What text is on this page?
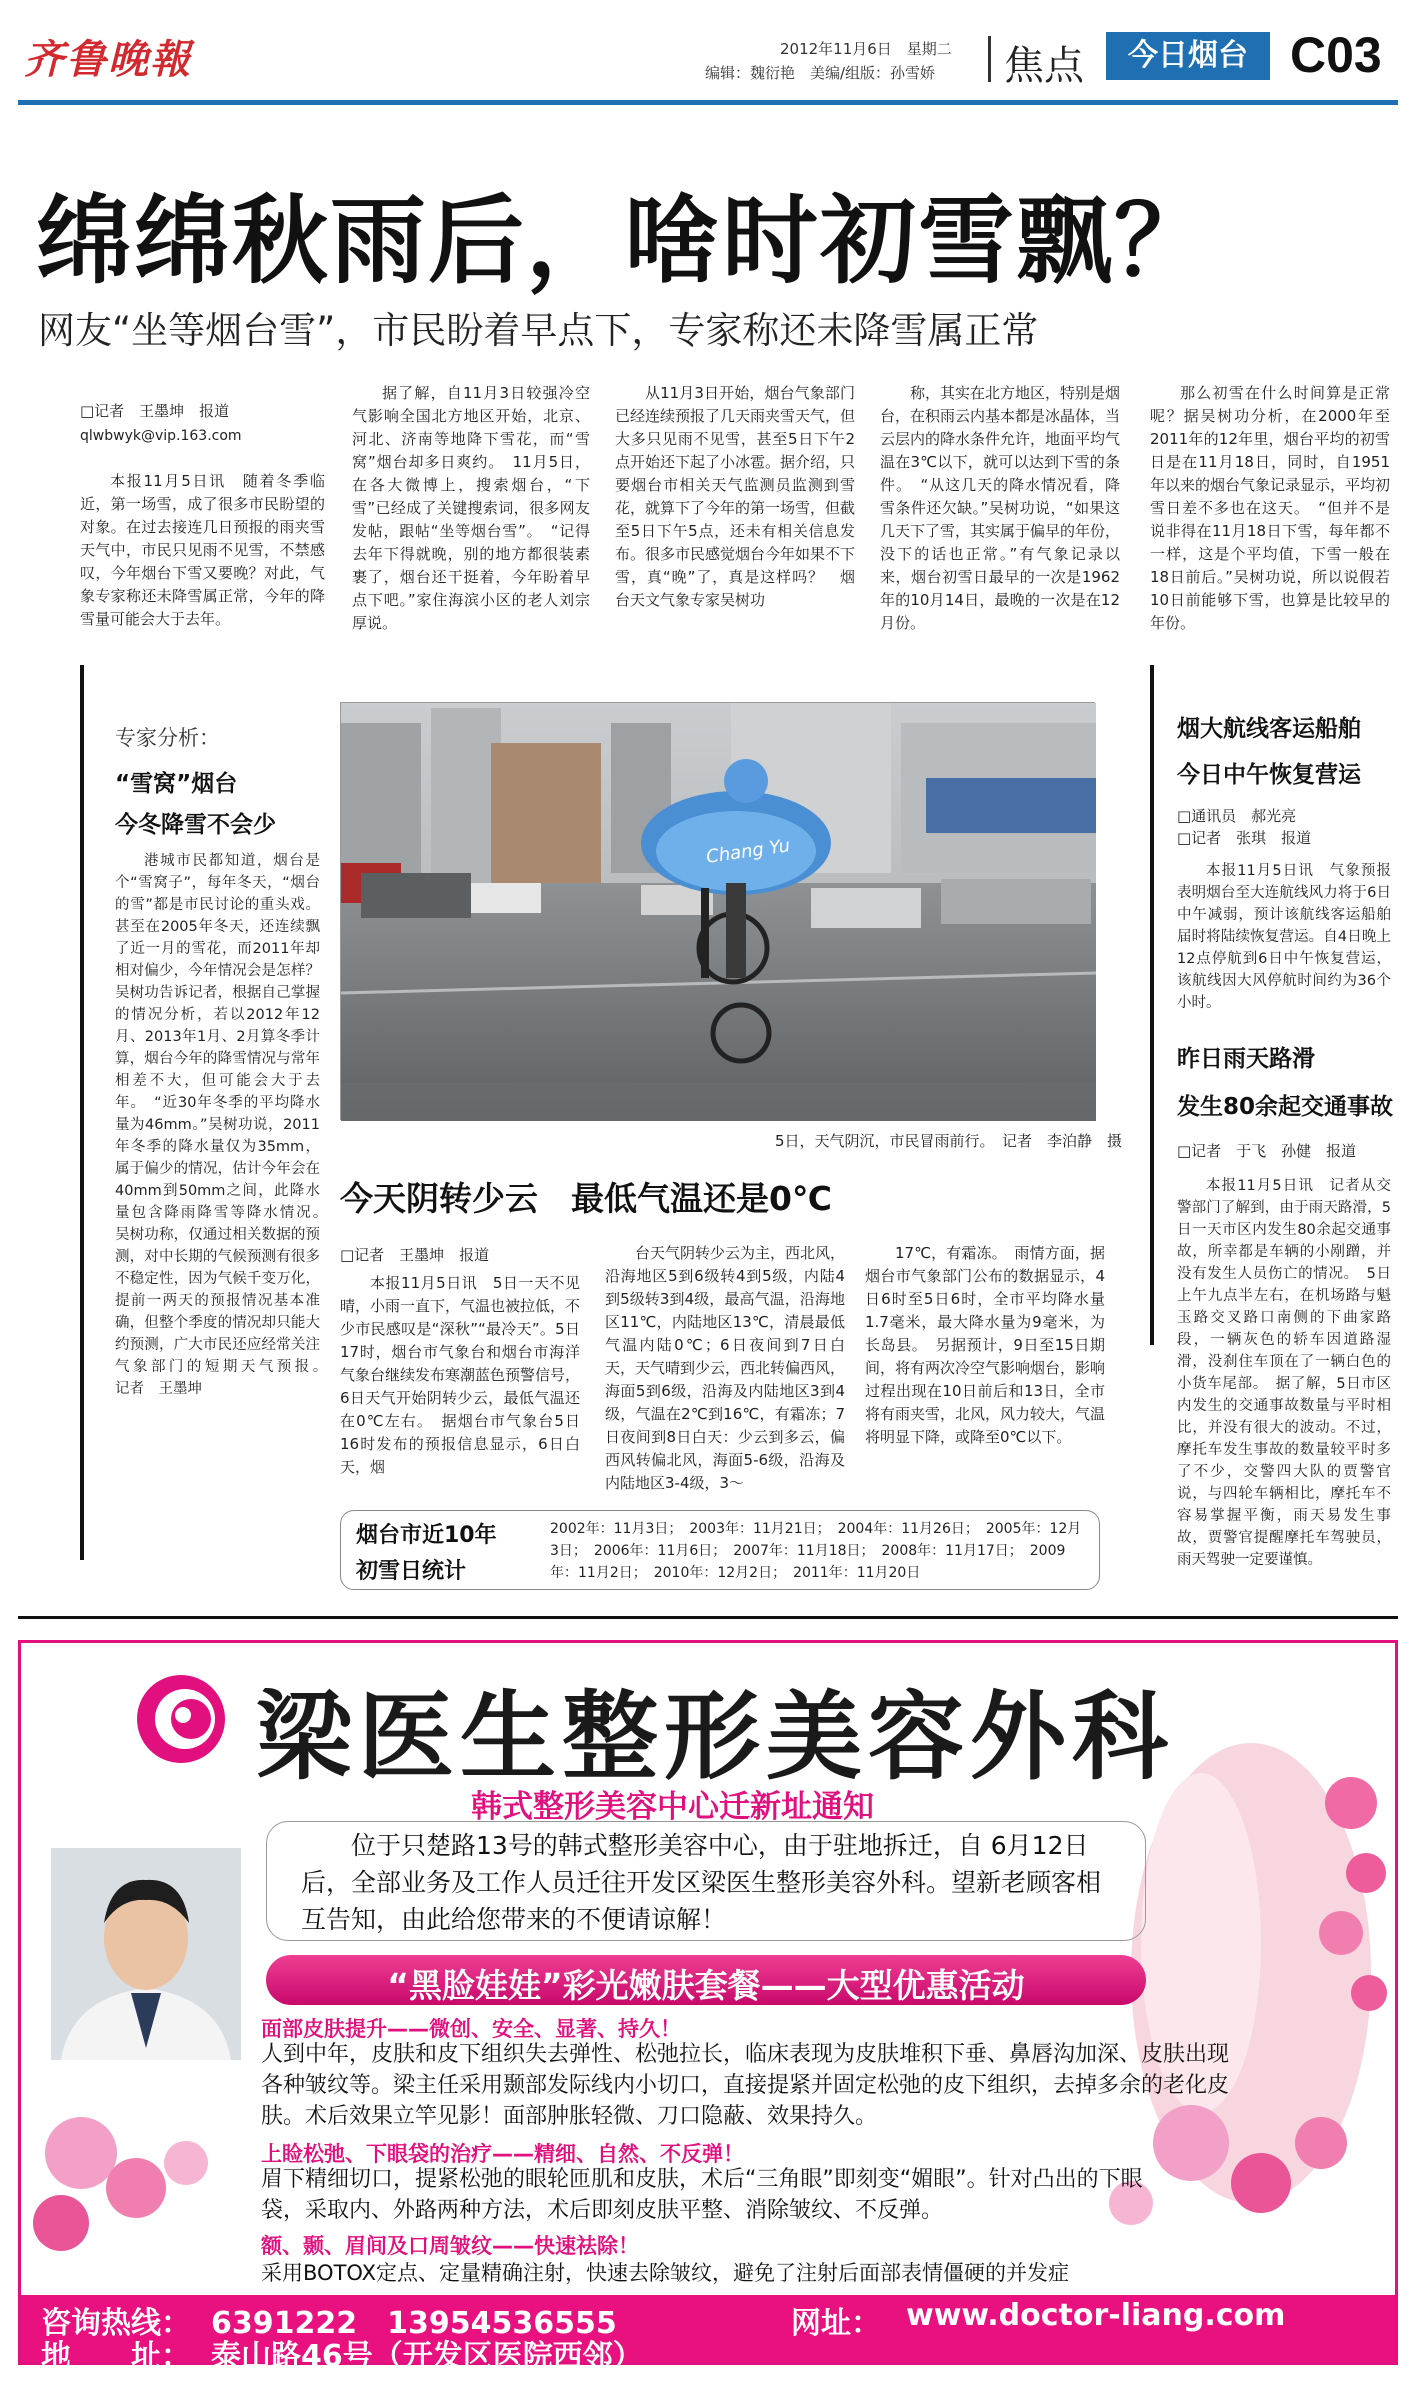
齐鲁晚報	2012年11月6日　星期二
编辑：魏衍艳　美编/组版：孙雪娇 焦点	今日烟台 C03
绵绵秋雨后，啥时初雪飘？
网友“坐等烟台雪”，市民盼着早点下，专家称还未降雪属正常
□记者　王墨坤　报道
qlwbwyk@vip.163.com

本报11月5日讯　随着冬季临近，第一场雪，成了很多市民盼望的对象。在过去接连几日预报的雨夹雪天气中，市民只见雨不见雪，不禁感叹，今年烟台下雪又要晚？对此，气象专家称还未降雪属正常，今年的降雪量可能会大于去年。

据了解，自11月3日较强冷空气影响全国北方地区开始，北京、河北、济南等地降下雪花，而“雪窝”烟台却多日爽约。　11月5日，在各大微博上，搜索烟台，“下雪”已经成了关键搜索词，很多网友发帖，跟帖“坐等烟台雪”。　“记得去年下得就晚，别的地方都很装素裹了，烟台还干挺着，今年盼着早点下吧。”家住海滨小区的老人刘宗厚说。

从11月3日开始，烟台气象部门已经连续预报了几天雨夹雪天气，但大多只见雨不见雪，甚至5日下午2点开始还下起了小冰雹。据介绍，只要烟台市相关天气监测员监测到雪花，就算下了今年的第一场雪，但截至5日下午5点，还未有相关信息发布。很多市民感觉烟台今年如果不下雪，真“晚”了，真是这样吗？　烟台天文气象专家吴树功

称，其实在北方地区，特别是烟台，在积雨云内基本都是冰晶体，当云层内的降水条件允许，地面平均气温在3℃以下，就可以达到下雪的条件。　“从这几天的降水情况看，降雪条件还欠缺。”吴树功说，“如果这几天下了雪，其实属于偏早的年份，没下的话也正常。”有气象记录以来，烟台初雪日最早的一次是1962年的10月14日，最晚的一次是在12月份。

那么初雪在什么时间算是正常呢？据吴树功分析，在2000年至2011年的12年里，烟台平均的初雪日是在11月18日，同时，自1951年以来的烟台气象记录显示，平均初雪日差不多也在这天。　“但并不是说非得在11月18日下雪，每年都不一样，这是个平均值，下雪一般在18日前后。”吴树功说，所以说假若10日前能够下雪，也算是比较早的年份。

专家分析：
“雪窝”烟台
今冬降雪不会少

港城市民都知道，烟台是个“雪窝子”，每年冬天，“烟台的雪”都是市民讨论的重头戏。甚至在2005年冬天，还连续飘了近一月的雪花，而2011年却相对偏少，今年情况会是怎样？　吴树功告诉记者，根据自己掌握的情况分析，若以2012年12月、2013年1月、2月算冬季计算，烟台今年的降雪情况与常年相差不大，但可能会大于去年。　“近30年冬季的平均降水量为46mm。”吴树功说，2011年冬季的降水量仅为35mm，属于偏少的情况，估计今年会在40mm到50mm之间，此降水量包含降雨降雪等降水情况。　吴树功称，仅通过相关数据的预测，对中长期的气候预测有很多不稳定性，因为气候千变万化，提前一两天的预报情况基本准确，但整个季度的情况却只能大约预测，广大市民还应经常关注气象部门的短期天气预报。　　记者　王墨坤

Chang Yu
5日，天气阴沉，市民冒雨前行。　记者　李泊静　摄
今天阴转少云　最低气温还是0℃
□记者　王墨坤　报道

本报11月5日讯　5日一天不见晴，小雨一直下，气温也被拉低，不少市民感叹是“深秋”“最冷天”。5日17时，烟台市气象台和烟台市海洋气象台继续发布寒潮蓝色预警信号，6日天气开始阴转少云，最低气温还在0℃左右。　据烟台市气象台5日16时发布的预报信息显示，6日白天，烟

台天气阴转少云为主，西北风，沿海地区5到6级转4到5级，内陆4到5级转3到4级，最高气温，沿海地区11℃，内陆地区13℃，清晨最低气温内陆0℃；6日夜间到7日白天，天气晴到少云，西北转偏西风，海面5到6级，沿海及内陆地区3到4级，气温在2℃到16℃，有霜冻；7日夜间到8日白天：少云到多云，偏西风转偏北风，海面5-6级，沿海及内陆地区3-4级，3～

17℃，有霜冻。　雨情方面，据烟台市气象部门公布的数据显示，4日6时至5日6时，全市平均降水量1.7毫米，最大降水量为9毫米，为长岛县。　另据预计，9日至15日期间，将有两次冷空气影响烟台，影响过程出现在10日前后和13日，全市将有雨夹雪，北风，风力较大，气温将明显下降，或降至0℃以下。

烟台市近10年
初雪日统计
2002年：11月3日；　2003年：11月21日；　2004年：11月26日；　2005年：12月3日；　2006年：11月6日；　2007年：11月18日；　2008年：11月17日；　2009年：11月2日；　2010年：12月2日；　2011年：11月20日
烟大航线客运船舶
今日中午恢复营运
□通讯员　郝光亮
□记者　张琪　报道

本报11月5日讯　气象预报表明烟台至大连航线风力将于6日中午减弱，预计该航线客运船舶届时将陆续恢复营运。自4日晚上12点停航到6日中午恢复营运，该航线因大风停航时间约为36个小时。

昨日雨天路滑
发生80余起交通事故
□记者　于飞　孙健　报道

本报11月5日讯　记者从交警部门了解到，由于雨天路滑，5日一天市区内发生80余起交通事故，所幸都是车辆的小剐蹭，并没有发生人员伤亡的情况。　5日上午九点半左右，在机场路与魁玉路交叉路口南侧的下曲家路段，一辆灰色的轿车因道路湿滑，没刹住车顶在了一辆白色的小货车尾部。　据了解，5日市区内发生的交通事故数量与平时相比，并没有很大的波动。不过，摩托车发生事故的数量较平时多了不少，交警四大队的贾警官说，与四轮车辆相比，摩托车不容易掌握平衡，雨天易发生事故，贾警官提醒摩托车驾驶员，雨天驾驶一定要谨慎。

梁医生整形美容外科
韩式整形美容中心迁新址通知
位于只楚路13号的韩式整形美容中心，由于驻地拆迁，自 6月12日后，全部业务及工作人员迁往开发区梁医生整形美容外科。望新老顾客相互告知，由此给您带来的不便请谅解！
“黑脸娃娃”彩光嫩肤套餐——大型优惠活动
面部皮肤提升——微创、安全、显著、持久！
人到中年，皮肤和皮下组织失去弹性、松弛拉长，临床表现为皮肤堆积下垂、鼻唇沟加深、皮肤出现各种皱纹等。梁主任采用颞部发际线内小切口，直接提紧并固定松弛的皮下组织，去掉多余的老化皮肤。术后效果立竿见影！面部肿胀轻微、刀口隐蔽、效果持久。
上睑松弛、下眼袋的治疗——精细、自然、不反弹！
眉下精细切口，提紧松弛的眼轮匝肌和皮肤，术后“三角眼”即刻变“媚眼”。针对凸出的下眼袋，采取内、外路两种方法，术后即刻皮肤平整、消除皱纹、不反弹。
额、颞、眉间及口周皱纹——快速祛除！
采用BOTOX定点、定量精确注射，快速去除皱纹，避免了注射后面部表情僵硬的并发症
咨询热线： 6391222　13954536555	网址： www.doctor-liang.com
地　　址： 泰山路46号（开发区医院西邻）
